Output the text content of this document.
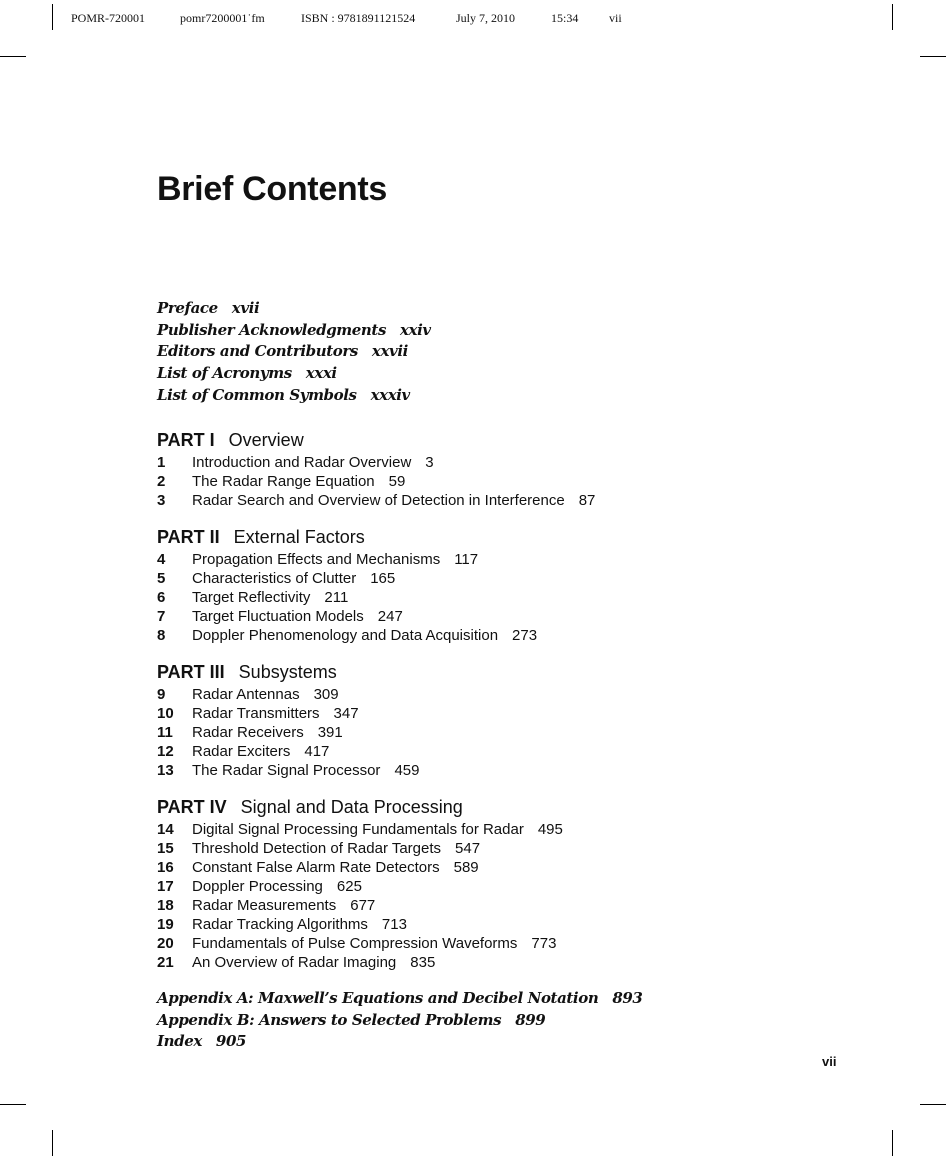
POMR-720001	pomr7200001˙fm	ISBN : 9781891121524	July 7, 2010	15:34	vii
Brief Contents
Preface xvii
Publisher Acknowledgments xxiv
Editors and Contributors xxvii
List of Acronyms xxxi
List of Common Symbols xxxiv
PART I Overview
1 Introduction and Radar Overview 3
2 The Radar Range Equation 59
3 Radar Search and Overview of Detection in Interference 87
PART II External Factors
4 Propagation Effects and Mechanisms 117
5 Characteristics of Clutter 165
6 Target Reflectivity 211
7 Target Fluctuation Models 247
8 Doppler Phenomenology and Data Acquisition 273
PART III Subsystems
9 Radar Antennas 309
10 Radar Transmitters 347
11 Radar Receivers 391
12 Radar Exciters 417
13 The Radar Signal Processor 459
PART IV Signal and Data Processing
14 Digital Signal Processing Fundamentals for Radar 495
15 Threshold Detection of Radar Targets 547
16 Constant False Alarm Rate Detectors 589
17 Doppler Processing 625
18 Radar Measurements 677
19 Radar Tracking Algorithms 713
20 Fundamentals of Pulse Compression Waveforms 773
21 An Overview of Radar Imaging 835
Appendix A: Maxwell’s Equations and Decibel Notation 893
Appendix B: Answers to Selected Problems 899
Index 905
vii
